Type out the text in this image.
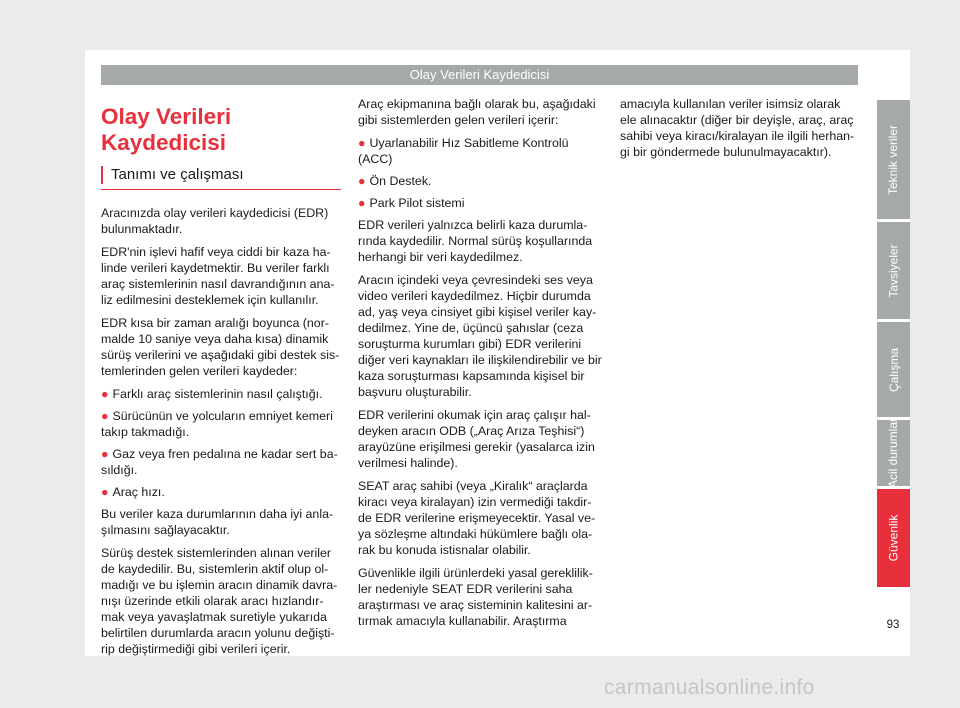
Olay Verileri Kaydedicisi
Olay Verileri Kaydedicisi
Tanımı ve çalışması

Aracınızda olay verileri kaydedicisi (EDR) bulunmaktadır.

EDR'nin işlevi hafif veya ciddi bir kaza ha-linde verileri kaydetmektir. Bu veriler farklı araç sistemlerinin nasıl davrandığının ana-liz edilmesini desteklemek için kullanılır.

EDR kısa bir zaman aralığı boyunca (nor-malde 10 saniye veya daha kısa) dinamik sürüş verilerini ve aşağıdaki gibi destek sis-temlerinden gelen verileri kaydeder:

● Farklı araç sistemlerinin nasıl çalıştığı.
● Sürücünün ve yolcuların emniyet kemeri takıp takmadığı.
● Gaz veya fren pedalına ne kadar sert ba-sıldığı.
● Araç hızı.

Bu veriler kaza durumlarının daha iyi anla-şılmasını sağlayacaktır.

Sürüş destek sistemlerinden alınan veriler de kaydedilir. Bu, sistemlerin aktif olup ol-madığı ve bu işlemin aracın dinamik davra-nışı üzerinde etkili olarak aracı hızlandır-mak veya yavaşlatmak suretiyle yukarıda belirtilen durumlarda aracın yolunu değişti-rip değiştirmediği gibi verileri içerir.

Araç ekipmanına bağlı olarak bu, aşağıdaki gibi sistemlerden gelen verileri içerir:

● Uyarlanabilir Hız Sabitleme Kontrolü (ACC)
● Ön Destek.
● Park Pilot sistemi

EDR verileri yalnızca belirli kaza durumla-rında kaydedilir. Normal sürüş koşullarında herhangi bir veri kaydedilmez.

Aracın içindeki veya çevresindeki ses veya video verileri kaydedilmez. Hiçbir durumda ad, yaş veya cinsiyet gibi kişisel veriler kay-dedilmez. Yine de, üçüncü şahıslar (ceza soruşturma kurumları gibi) EDR verilerini diğer veri kaynakları ile ilişkilendirebilir ve bir kaza soruşturması kapsamında kişisel bir başvuru oluşturabilir.

EDR verilerini okumak için araç çalışır hal-deyken aracın ODB („Araç Arıza Teşhisi“) arayüzüne erişilmesi gerekir (yasalarca izin verilmesi halinde).

SEAT araç sahibi (veya „Kiralık“ araçlarda kiracı veya kiralayan) izin vermediği takdir-de EDR verilerine erişmeyecektir. Yasal ve-ya sözleşme altındaki hükümlere bağlı ola-rak bu konuda istisnalar olabilir.

Güvenlikle ilgili ürünlerdeki yasal gereklilik-ler nedeniyle SEAT EDR verilerini saha araştırması ve araç sisteminin kalitesini ar-tırmak amacıyla kullanabilir. Araştırma

amacıyla kullanılan veriler isimsiz olarak ele alınacaktır (diğer bir deyişle, araç, araç sahibi veya kiracı/kiralayan ile ilgili herhan-gi bir göndermede bulunulmayacaktır).	Teknik veriler
Tavsiyeler
Çalışma
Acil durumlar
Güvenlik
93
carmanualsonline.info
